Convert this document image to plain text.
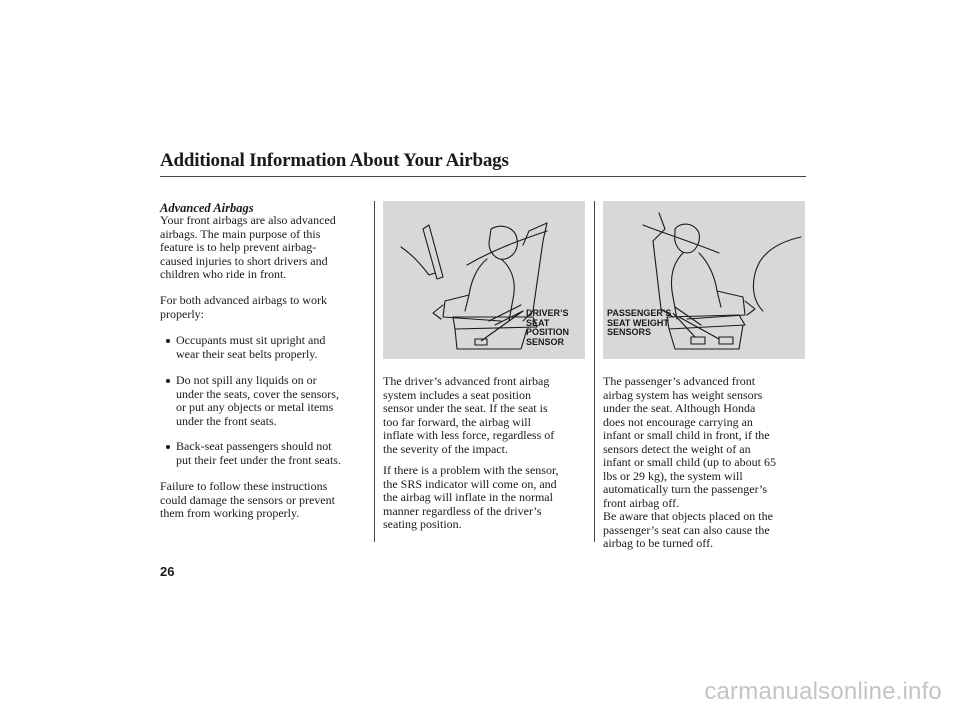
Additional Information About Your Airbags
Advanced Airbags
Your front airbags are also advanced
airbags. The main purpose of this
feature is to help prevent airbag-
caused injuries to short drivers and
children who ride in front.
For both advanced airbags to work
properly:
Occupants must sit upright and
wear their seat belts properly.
Do not spill any liquids on or
under the seats, cover the sensors,
or put any objects or metal items
under the front seats.
Back-seat passengers should not
put their feet under the front seats.
Failure to follow these instructions
could damage the sensors or prevent
them from working properly.
DRIVER’S
SEAT
POSITION
SENSOR
The driver’s advanced front airbag
system includes a seat position
sensor under the seat. If the seat is
too far forward, the airbag will
inflate with less force, regardless of
the severity of the impact.
If there is a problem with the sensor,
the SRS indicator will come on, and
the airbag will inflate in the normal
manner regardless of the driver’s
seating position.
PASSENGER’S
SEAT WEIGHT
SENSORS
The passenger’s advanced front
airbag system has weight sensors
under the seat. Although Honda
does not encourage carrying an
infant or small child in front, if the
sensors detect the weight of an
infant or small child (up to about 65
lbs or 29 kg), the system will
automatically turn the passenger’s
front airbag off.
Be aware that objects placed on the
passenger’s seat can also cause the
airbag to be turned off.
26
carmanualsonline.info
